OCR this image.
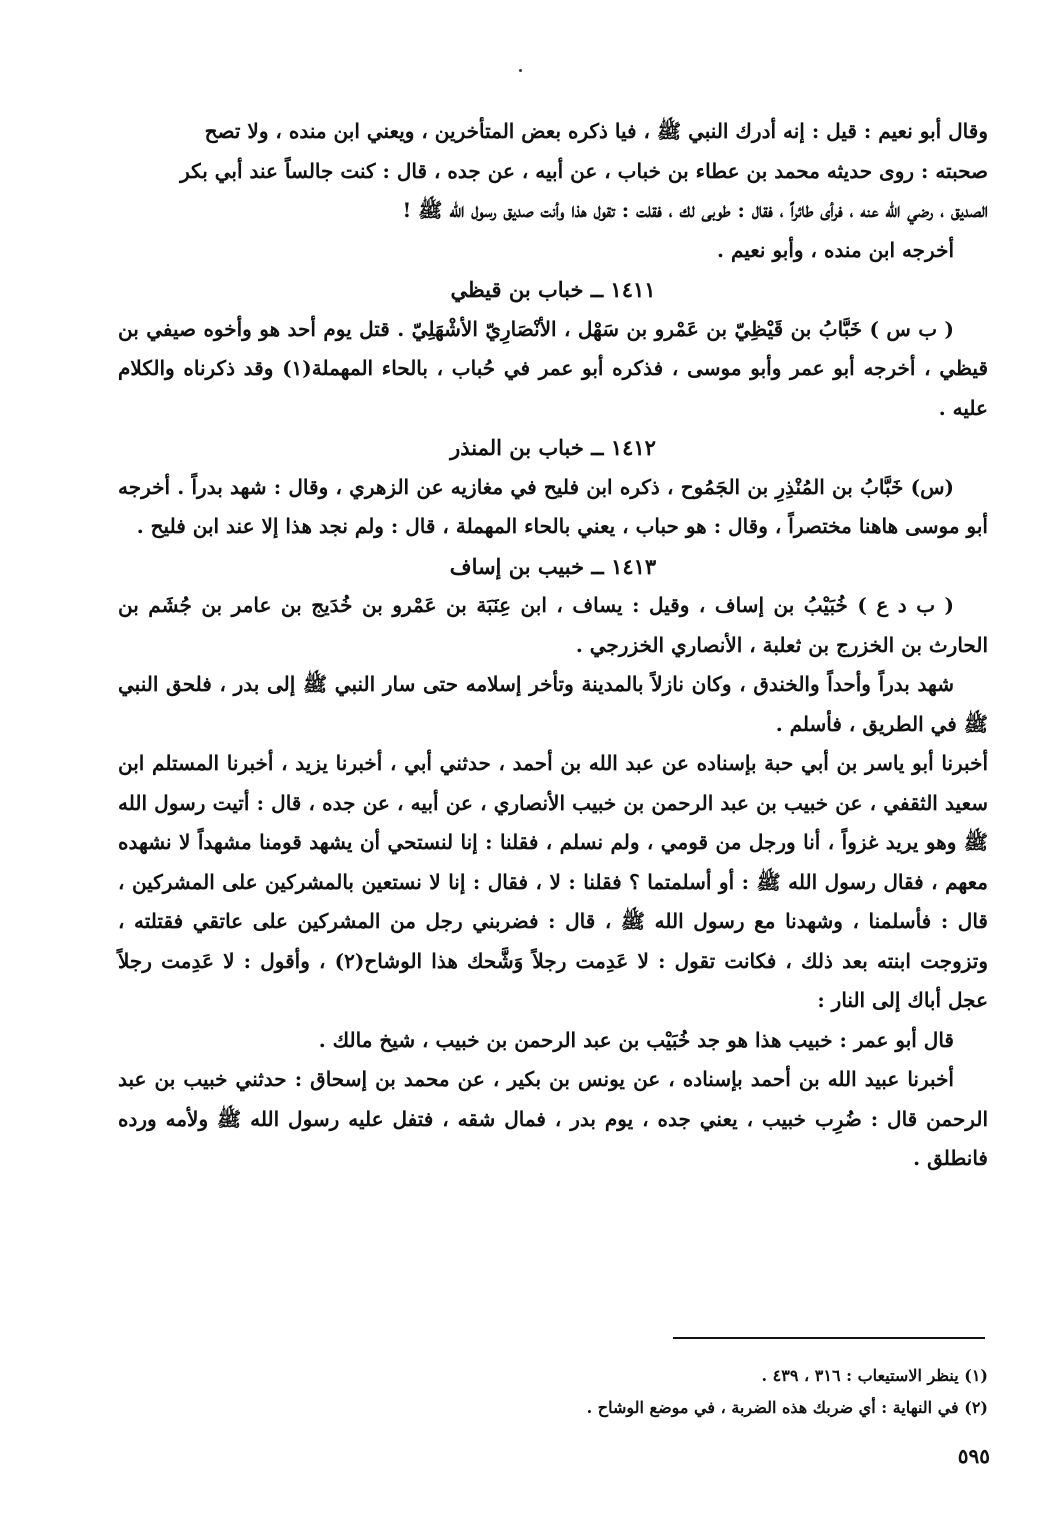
وقال أبو نعيم : قيل : إنه أدرك النبي ﷺ ، فيا ذكره بعض المتأخرين ، ويعني ابن منده ، ولا تصح

صحبته : روى حديثه محمد بن عطاء بن خباب ، عن أبيه ، عن جده ، قال : كنت جالساً عند أبي بكر

الصديق ، رضي الله عنه ، فرأى طائراً ، فقال : طوبى لك ، فقلت : تقول هذا وأنت صديق رسول الله ﷺ !

أخرجه ابن منده ، وأبو نعيم .

١٤١١ ــ خباب بن قيظي

( ب س ) خَبَّابُ بن قَيْظِيّ بن عَمْرو بن سَهْل ، الأنْصَارِيّ الأشْهَلِيّ . قتل يوم أحد هو وأخوه صيفي بن قيظي ، أخرجه أبو عمر وأبو موسى ، فذكره أبو عمر في حُباب ، بالحاء المهملة(١) وقد ذكرناه والكلام عليه .

١٤١٢ ــ خباب بن المنذر

(س) خَبَّابُ بن المُنْذِرِ بن الجَمُوح ، ذكره ابن فليح في مغازيه عن الزهري ، وقال : شهد بدراً . أخرجه أبو موسى هاهنا مختصراً ، وقال : هو حباب ، يعني بالحاء المهملة ، قال : ولم نجد هذا إلا عند ابن فليح .

١٤١٣ ــ خبيب بن إساف

( ب د ع ) خُبَيْبُ بن إساف ، وقيل : يساف ، ابن عِنَبَة بن عَمْرو بن خُدَيج بن عامر بن جُشَم بن الحارث بن الخزرج بن ثعلبة ، الأنصاري الخزرجي .

شهد بدراً وأحداً والخندق ، وكان نازلاً بالمدينة وتأخر إسلامه حتى سار النبي ﷺ إلى بدر ، فلحق النبي ﷺ في الطريق ، فأسلم .

أخبرنا أبو ياسر بن أبي حبة بإسناده عن عبد الله بن أحمد ، حدثني أبي ، أخبرنا يزيد ، أخبرنا المستلم ابن سعيد الثقفي ، عن خبيب بن عبد الرحمن بن خبيب الأنصاري ، عن أبيه ، عن جده ، قال : أتيت رسول الله ﷺ وهو يريد غزواً ، أنا ورجل من قومي ، ولم نسلم ، فقلنا : إنا لنستحي أن يشهد قومنا مشهداً لا نشهده معهم ، فقال رسول الله ﷺ : أو أسلمتما ؟ فقلنا : لا ، فقال : إنا لا نستعين بالمشركين على المشركين ، قال : فأسلمنا ، وشهدنا مع رسول الله ﷺ ، قال : فضربني رجل من المشركين على عاتقي فقتلته ، وتزوجت ابنته بعد ذلك ، فكانت تقول : لا عَدِمت رجلاً وَشَّحك هذا الوشاح(٢) ، وأقول : لا عَدِمت رجلاً عجل أباك إلى النار :

قال أبو عمر : خبيب هذا هو جد خُبَيْب بن عبد الرحمن بن خبيب ، شيخ مالك .

أخبرنا عبيد الله بن أحمد بإسناده ، عن يونس بن بكير ، عن محمد بن إسحاق : حدثني خبيب بن عبد الرحمن قال : ضُرِب خبيب ، يعني جده ، يوم بدر ، فمال شقه ، فتفل عليه رسول الله ﷺ ولأمه ورده فانطلق .

(١) ينظر الاستيعاب : ٣١٦ ، ٤٣٩ .

(٢) في النهاية : أي ضربك هذه الضربة ، في موضع الوشاح .

٥٩٥
